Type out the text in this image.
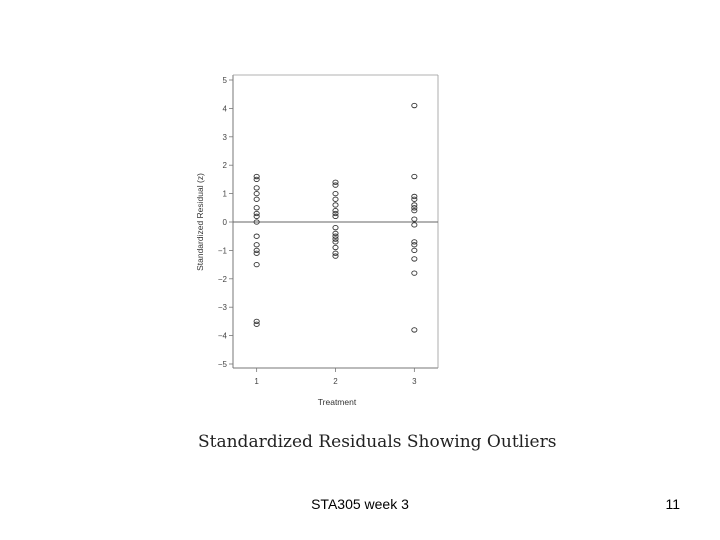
5
4
3
2
1
0
−1
−2
−3
−4
−5
1	2	3
Treatment
Standardized Residual (z)
Standardized Residuals Showing Outliers
STA305 week 3	11
